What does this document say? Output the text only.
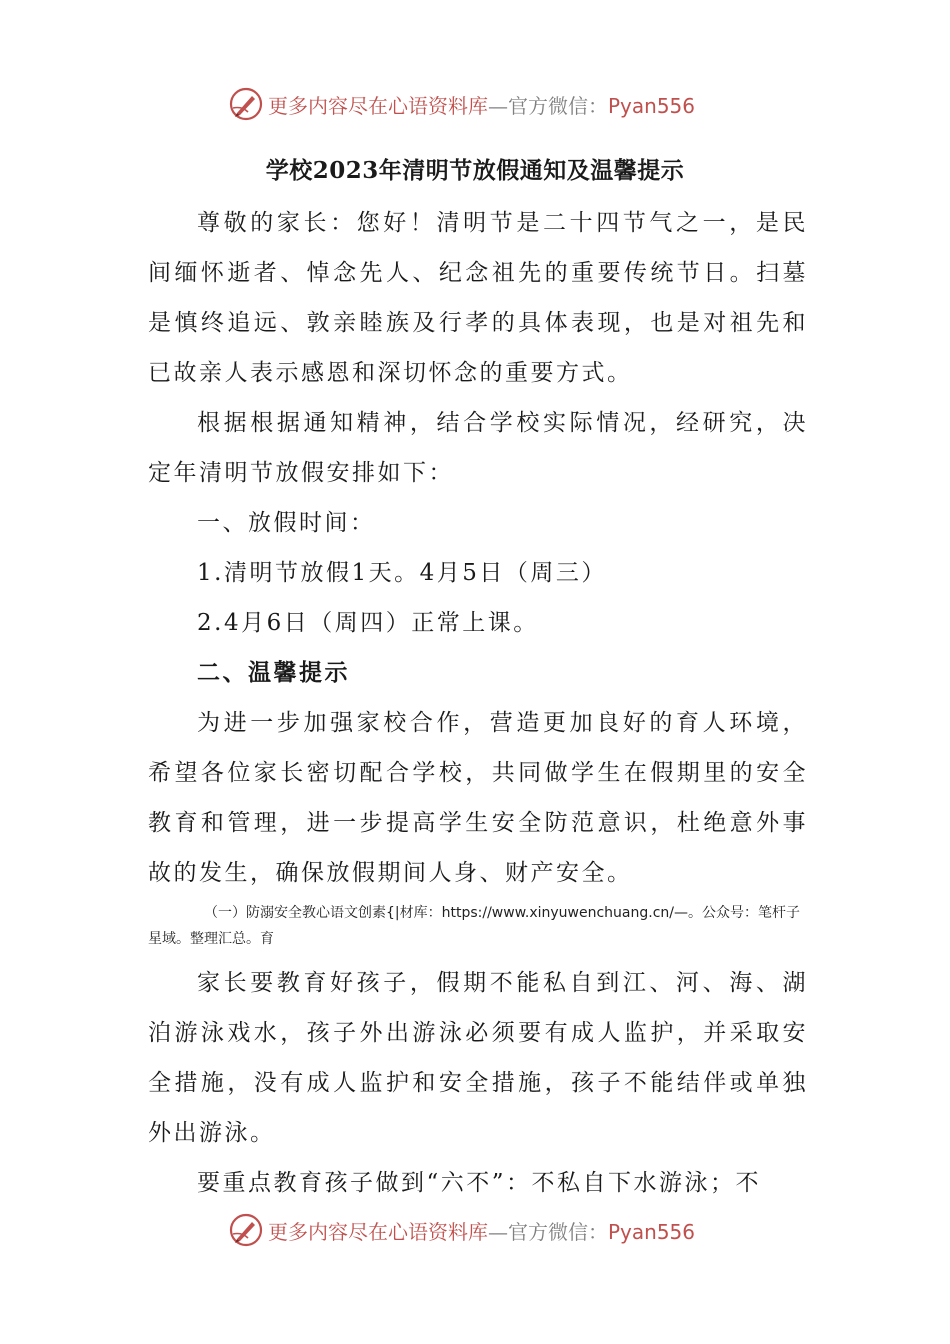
更多内容尽在心语资料库—官方微信：Pyan556
学校2023年清明节放假通知及温馨提示

尊敬的家长：您好！清明节是二十四节气之一，是民间缅怀逝者、悼念先人、纪念祖先的重要传统节日。扫墓是慎终追远、敦亲睦族及行孝的具体表现，也是对祖先和已故亲人表示感恩和深切怀念的重要方式。

根据根据通知精神，结合学校实际情况，经研究，决定年清明节放假安排如下：

一、放假时间：

1.清明节放假1天。4月5日（周三）

2.4月6日（周四）正常上课。

二、温馨提示

为进一步加强家校合作，营造更加良好的育人环境，希望各位家长密切配合学校，共同做学生在假期里的安全教育和管理，进一步提高学生安全防范意识，杜绝意外事故的发生，确保放假期间人身、财产安全。

（一）防溺安全教心语文创素{|材库：https://www.xinyuwenchuang.cn/—。公众号：笔杆子星域。整理汇总。育

家长要教育好孩子，假期不能私自到江、河、海、湖泊游泳戏水，孩子外出游泳必须要有成人监护，并采取安全措施，没有成人监护和安全措施，孩子不能结伴或单独外出游泳。

要重点教育孩子做到“六不”：不私自下水游泳；不

更多内容尽在心语资料库—官方微信：Pyan556
